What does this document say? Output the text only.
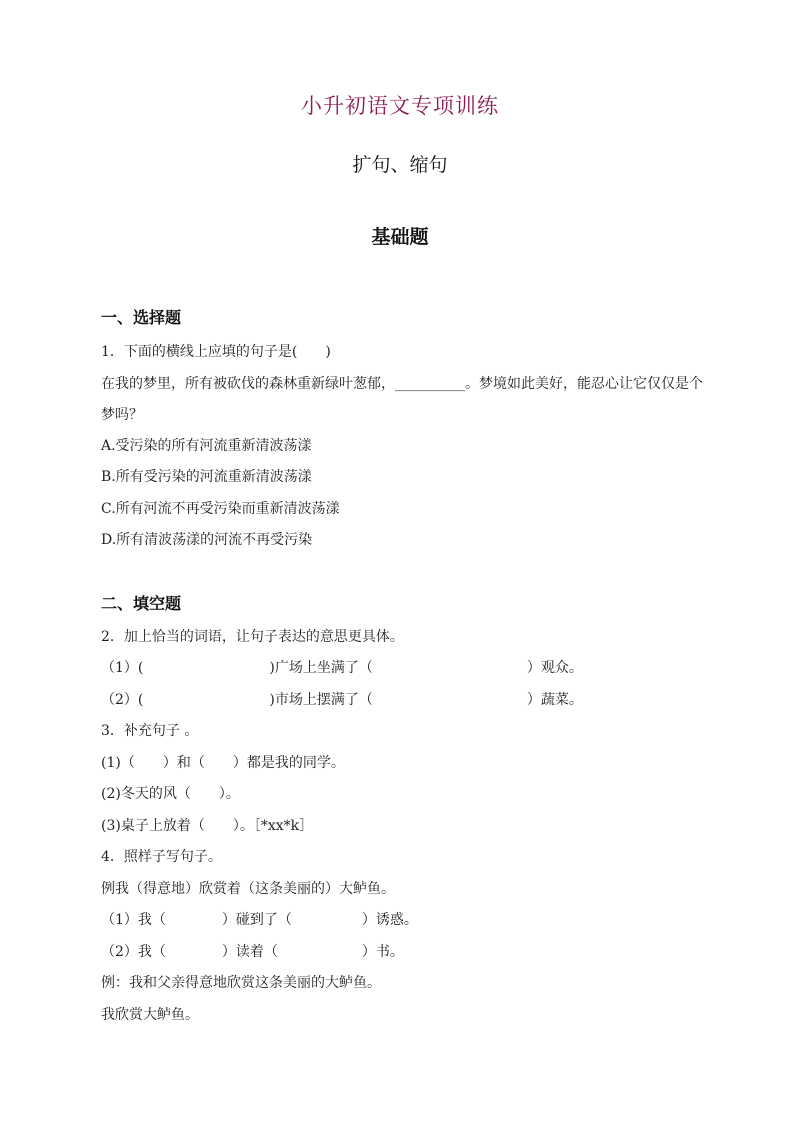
小升初语文专项训练
扩句、缩句
基础题
一、选择题
1．下面的横线上应填的句子是(　　)
在我的梦里，所有被砍伐的森林重新绿叶葱郁，__________。梦境如此美好，能忍心让它仅仅是个
梦吗？
A.受污染的所有河流重新清波荡漾
B.所有受污染的河流重新清波荡漾
C.所有河流不再受污染而重新清波荡漾
D.所有清波荡漾的河流不再受污染
二、填空题
2．加上恰当的词语，让句子表达的意思更具体。
（1）(　　　　　　　　　)广场上坐满了（　　　　　　　　　　　）观众。
（2）(　　　　　　　　　)市场上摆满了（　　　　　　　　　　　）蔬菜。
3．补充句子 。
(1)（　　）和（　　）都是我的同学。
(2)冬天的风（　　）。
(3)桌子上放着（　　）。［*xx*k］
4．照样子写句子。
例我（得意地）欣赏着（这条美丽的）大鲈鱼。
（1）我（　　　　）碰到了（　　　　　）诱惑。
（2）我（　　　　）读着（　　　　　　）书。
例：我和父亲得意地欣赏这条美丽的大鲈鱼。
我欣赏大鲈鱼。
